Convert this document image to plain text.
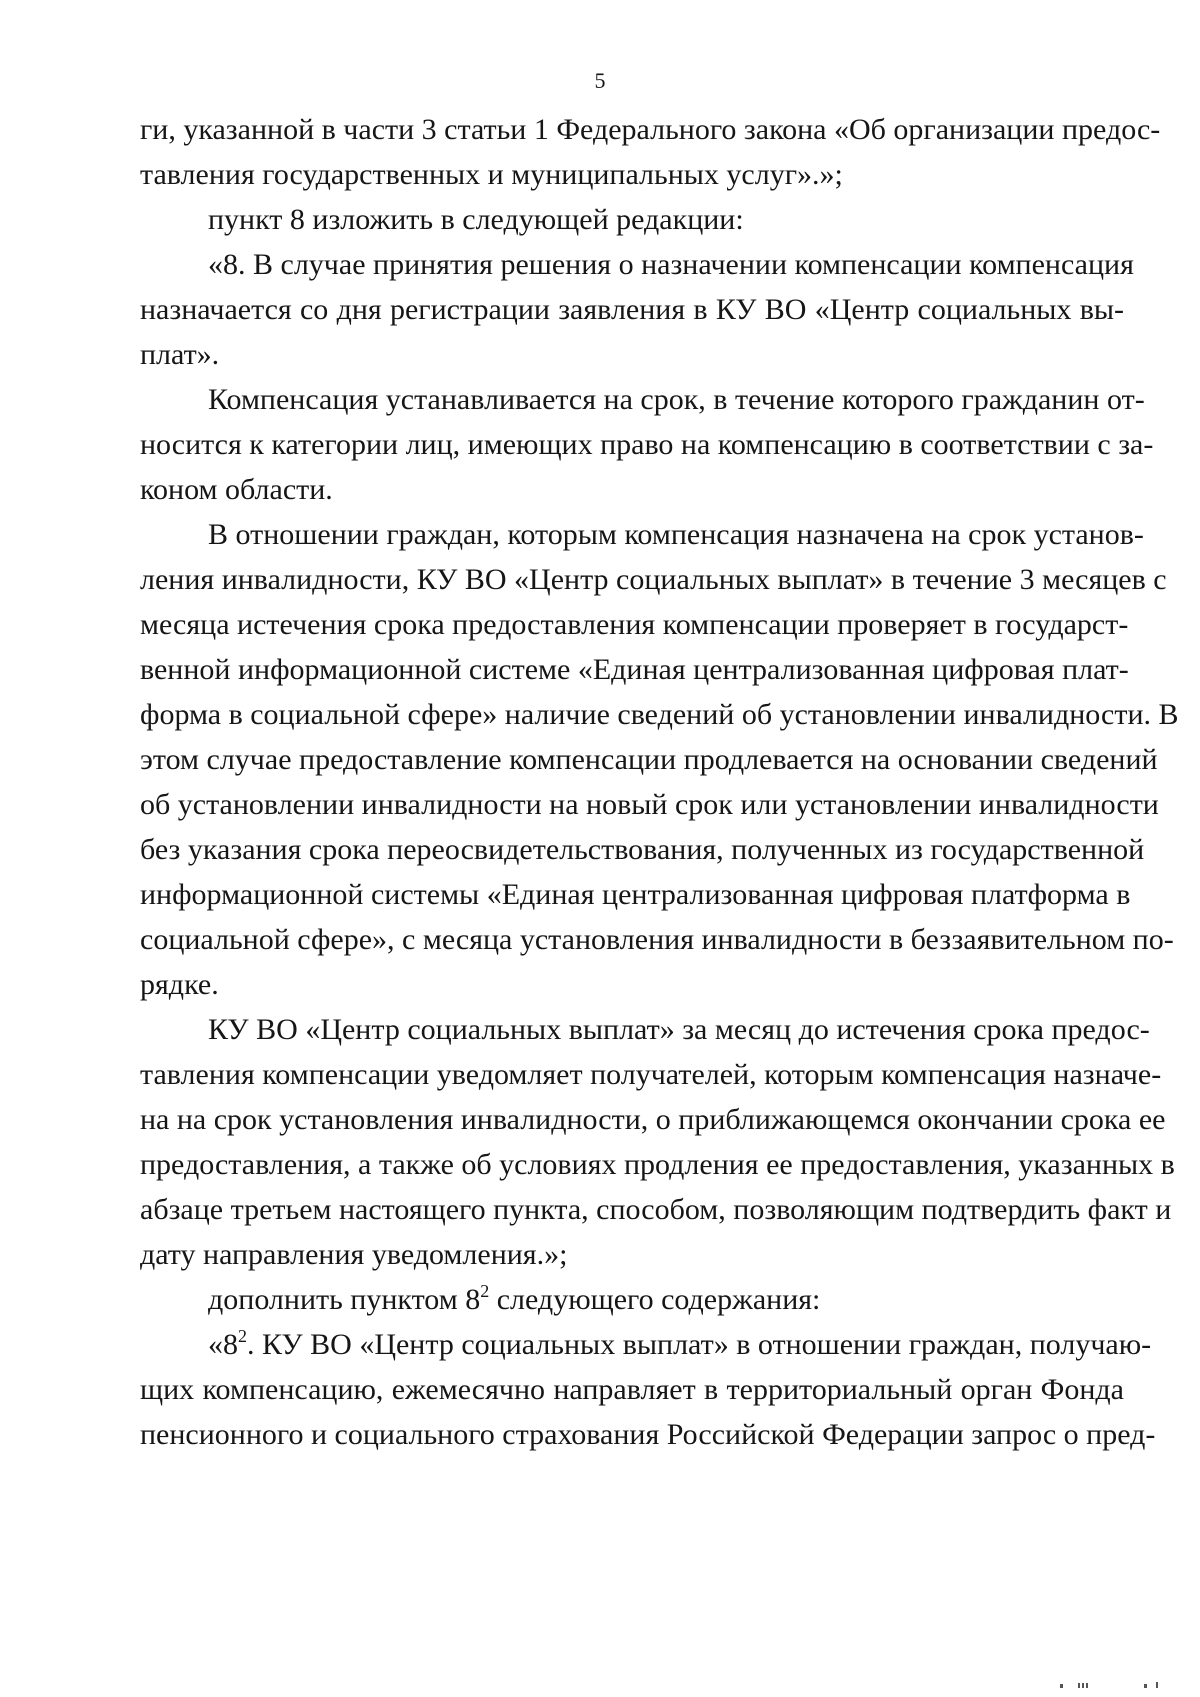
5
ги, указанной в части 3 статьи 1 Федерального закона «Об организации предос-
тавления государственных и муниципальных услуг».»;
пункт 8 изложить в следующей редакции:
«8. В случае принятия решения о назначении компенсации компенсация
назначается со дня регистрации заявления в КУ ВО «Центр социальных вы-
плат».
Компенсация устанавливается на срок, в течение которого гражданин от-
носится к категории лиц, имеющих право на компенсацию в соответствии с за-
коном области.
В отношении граждан, которым компенсация назначена на срок установ-
ления инвалидности, КУ ВО «Центр социальных выплат» в течение 3 месяцев с
месяца истечения срока предоставления компенсации проверяет в государст-
венной информационной системе «Единая централизованная цифровая плат-
форма в социальной сфере» наличие сведений об установлении инвалидности. В
этом случае предоставление компенсации продлевается на основании сведений
об установлении инвалидности на новый срок или установлении инвалидности
без указания срока переосвидетельствования, полученных из государственной
информационной системы «Единая централизованная цифровая платформа в
социальной сфере», с месяца установления инвалидности в беззаявительном по-
рядке.
КУ ВО «Центр социальных выплат» за месяц до истечения срока предос-
тавления компенсации уведомляет получателей, которым компенсация назначе-
на на срок установления инвалидности, о приближающемся окончании срока ее
предоставления, а также об условиях продления ее предоставления, указанных в
абзаце третьем настоящего пункта, способом, позволяющим подтвердить факт и
дату направления уведомления.»;
дополнить пунктом $8^2$ следующего содержания:
«$8^2$. КУ ВО «Центр социальных выплат» в отношении граждан, получаю-
щих компенсацию, ежемесячно направляет в территориальный орган Фонда
пенсионного и социального страхования Российской Федерации запрос о пред-
